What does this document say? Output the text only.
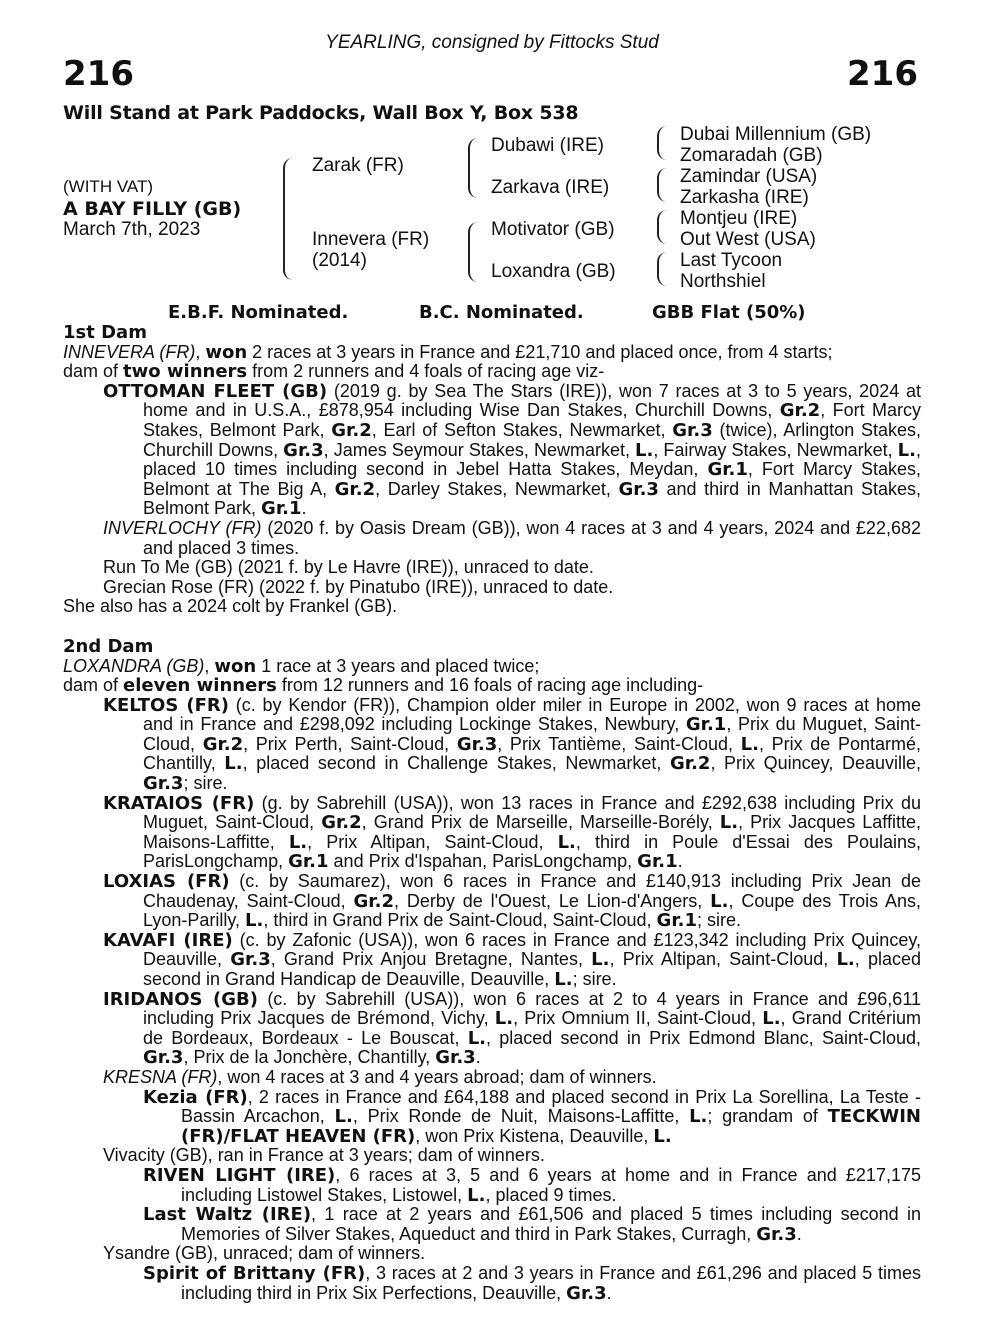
YEARLING, consigned by Fittocks Stud
216	216
Will Stand at Park Paddocks, Wall Box Y, Box 538
(WITH VAT)
A BAY FILLY (GB)
March 7th, 2023
Zarak (FR)
Innevera (FR)
(2014)
Dubawi (IRE)
Zarkava (IRE)
Motivator (GB)
Loxandra (GB)
Dubai Millennium (GB)
Zomaradah (GB)
Zamindar (USA)
Zarkasha (IRE)
Montjeu (IRE)
Out West (USA)
Last Tycoon
Northshiel
E.B.F. Nominated.	B.C. Nominated.	GBB Flat (50%)
1st Dam

INNEVERA (FR), won 2 races at 3 years in France and £21,710 and placed once, from 4 starts;

dam of two winners from 2 runners and 4 foals of racing age viz-

OTTOMAN FLEET (GB) (2019 g. by Sea The Stars (IRE)), won 7 races at 3 to 5 years, 2024 at home and in U.S.A., £878,954 including Wise Dan Stakes, Churchill Downs, Gr.2, Fort Marcy Stakes, Belmont Park, Gr.2, Earl of Sefton Stakes, Newmarket, Gr.3 (twice), Arlington Stakes, Churchill Downs, Gr.3, James Seymour Stakes, Newmarket, L., Fairway Stakes, Newmarket, L., placed 10 times including second in Jebel Hatta Stakes, Meydan, Gr.1, Fort Marcy Stakes, Belmont at The Big A, Gr.2, Darley Stakes, Newmarket, Gr.3 and third in Manhattan Stakes, Belmont Park, Gr.1.

INVERLOCHY (FR) (2020 f. by Oasis Dream (GB)), won 4 races at 3 and 4 years, 2024 and £22,682 and placed 3 times.

Run To Me (GB) (2021 f. by Le Havre (IRE)), unraced to date.

Grecian Rose (FR) (2022 f. by Pinatubo (IRE)), unraced to date.

She also has a 2024 colt by Frankel (GB).

2nd Dam

LOXANDRA (GB), won 1 race at 3 years and placed twice;

dam of eleven winners from 12 runners and 16 foals of racing age including-

KELTOS (FR) (c. by Kendor (FR)), Champion older miler in Europe in 2002, won 9 races at home and in France and £298,092 including Lockinge Stakes, Newbury, Gr.1, Prix du Muguet, Saint-Cloud, Gr.2, Prix Perth, Saint-Cloud, Gr.3, Prix Tantième, Saint-Cloud, L., Prix de Pontarmé, Chantilly, L., placed second in Challenge Stakes, Newmarket, Gr.2, Prix Quincey, Deauville, Gr.3; sire.

KRATAIOS (FR) (g. by Sabrehill (USA)), won 13 races in France and £292,638 including Prix du Muguet, Saint-Cloud, Gr.2, Grand Prix de Marseille, Marseille-Borély, L., Prix Jacques Laffitte, Maisons-Laffitte, L., Prix Altipan, Saint-Cloud, L., third in Poule d'Essai des Poulains, ParisLongchamp, Gr.1 and Prix d'Ispahan, ParisLongchamp, Gr.1.

LOXIAS (FR) (c. by Saumarez), won 6 races in France and £140,913 including Prix Jean de Chaudenay, Saint-Cloud, Gr.2, Derby de l'Ouest, Le Lion-d'Angers, L., Coupe des Trois Ans, Lyon-Parilly, L., third in Grand Prix de Saint-Cloud, Saint-Cloud, Gr.1; sire.

KAVAFI (IRE) (c. by Zafonic (USA)), won 6 races in France and £123,342 including Prix Quincey, Deauville, Gr.3, Grand Prix Anjou Bretagne, Nantes, L., Prix Altipan, Saint-Cloud, L., placed second in Grand Handicap de Deauville, Deauville, L.; sire.

IRIDANOS (GB) (c. by Sabrehill (USA)), won 6 races at 2 to 4 years in France and £96,611 including Prix Jacques de Brémond, Vichy, L., Prix Omnium II, Saint-Cloud, L., Grand Critérium de Bordeaux, Bordeaux - Le Bouscat, L., placed second in Prix Edmond Blanc, Saint-Cloud, Gr.3, Prix de la Jonchère, Chantilly, Gr.3.

KRESNA (FR), won 4 races at 3 and 4 years abroad; dam of winners.

Kezia (FR), 2 races in France and £64,188 and placed second in Prix La Sorellina, La Teste - Bassin Arcachon, L., Prix Ronde de Nuit, Maisons-Laffitte, L.; grandam of TECKWIN (FR)/FLAT HEAVEN (FR), won Prix Kistena, Deauville, L.

Vivacity (GB), ran in France at 3 years; dam of winners.

RIVEN LIGHT (IRE), 6 races at 3, 5 and 6 years at home and in France and £217,175 including Listowel Stakes, Listowel, L., placed 9 times.

Last Waltz (IRE), 1 race at 2 years and £61,506 and placed 5 times including second in Memories of Silver Stakes, Aqueduct and third in Park Stakes, Curragh, Gr.3.

Ysandre (GB), unraced; dam of winners.

Spirit of Brittany (FR), 3 races at 2 and 3 years in France and £61,296 and placed 5 times including third in Prix Six Perfections, Deauville, Gr.3.
